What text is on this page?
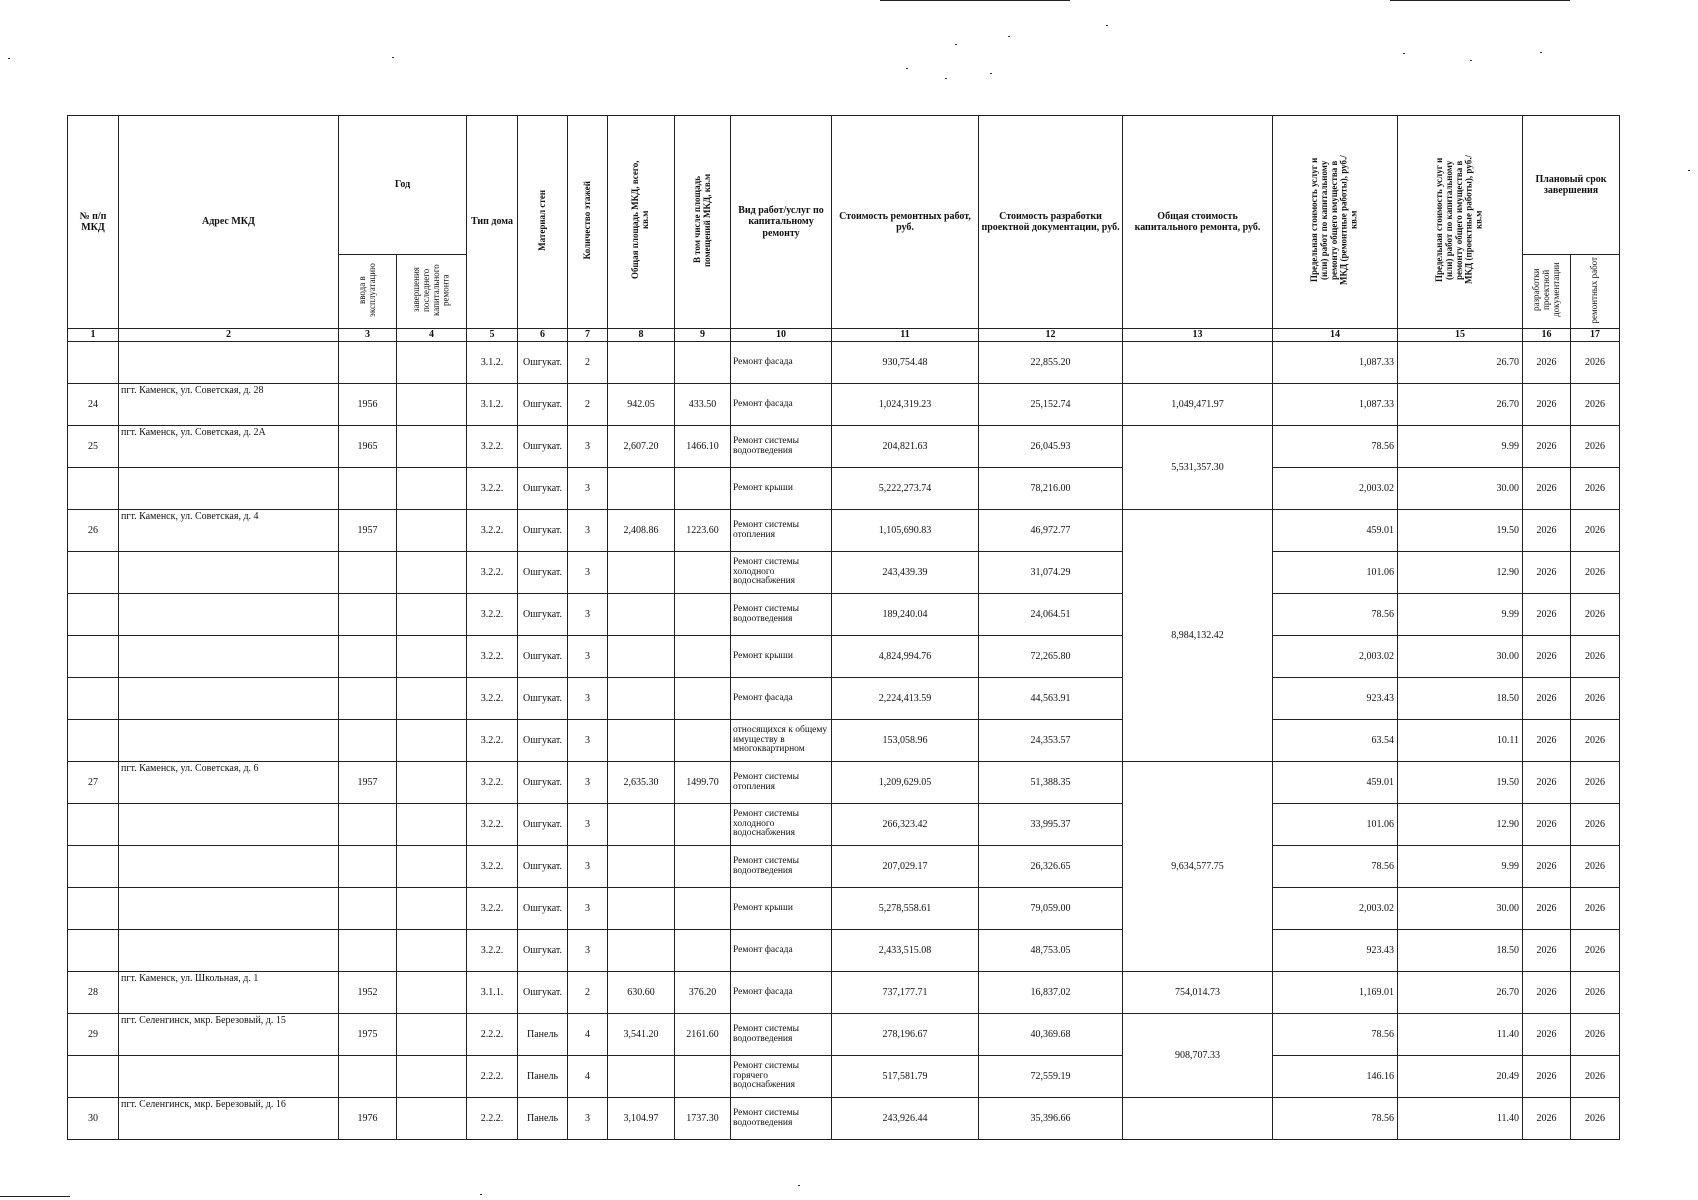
№ п/п МКД	Адрес МКД	Год		Тип дома	Материал стен	Количество этажей	Общая площадь МКД, всего, кв.м	В том числе площадь помещений МКД, кв.м	Вид работ/услуг по капитальному ремонту	Стоимость ремонтных работ, руб.	Стоимость разработки проектной документации, руб.	Общая стоимость капитального ремонта, руб.	Предельная стоимость услуг и (или) работ по капитальному ремонту общего имущества в МКД (ремонтные работы), руб./кв.м	Предельная стоимость услуг и (или) работ по капитальному ремонту общего имущества в МКД (проектные работы), руб./кв.м	Плановый срок завершения	
		ввода в эксплуатацию	завершения последнего капитального ремонта												разработки проектной документации	ремонтных работ
1	2	3	4	5	6	7	8	9	10	11	12	13	14	15	16	17
				3.1.2.	Ошгукат.	2			Ремонт фасада	930,754.48	22,855.20		1,087.33	26.70	2026	2026
24	пгт. Каменск, ул. Советская, д. 28	1956		3.1.2.	Ошгукат.	2	942.05	433.50	Ремонт фасада	1,024,319.23	25,152.74	1,049,471.97	1,087.33	26.70	2026	2026
25	пгт. Каменск, ул. Советская, д. 2А	1965		3.2.2.	Ошгукат.	3	2,607.20	1466.10	Ремонт системы водоотведения	204,821.63	26,045.93	5,531,357.30	78.56	9.99	2026	2026
				3.2.2.	Ошгукат.	3			Ремонт крыши	5,222,273.74	78,216.00		2,003.02	30.00	2026	2026
26	пгт. Каменск, ул. Советская, д. 4	1957		3.2.2.	Ошгукат.	3	2,408.86	1223.60	Ремонт системы отопления	1,105,690.83	46,972.77	8,984,132.42	459.01	19.50	2026	2026
				3.2.2.	Ошгукат.	3			Ремонт системы холодного водоснабжения	243,439.39	31,074.29		101.06	12.90	2026	2026
				3.2.2.	Ошгукат.	3			Ремонт системы водоотведения	189,240.04	24,064.51		78.56	9.99	2026	2026
				3.2.2.	Ошгукат.	3			Ремонт крыши	4,824,994.76	72,265.80		2,003.02	30.00	2026	2026
				3.2.2.	Ошгукат.	3			Ремонт фасада	2,224,413.59	44,563.91		923.43	18.50	2026	2026
				3.2.2.	Ошгукат.	3			относящихся к общему имуществу в многоквартирном	153,058.96	24,353.57		63.54	10.11	2026	2026
27	пгт. Каменск, ул. Советская, д. 6	1957		3.2.2.	Ошгукат.	3	2,635.30	1499.70	Ремонт системы отопления	1,209,629.05	51,388.35	9,634,577.75	459.01	19.50	2026	2026
				3.2.2.	Ошгукат.	3			Ремонт системы холодного водоснабжения	266,323.42	33,995.37		101.06	12.90	2026	2026
				3.2.2.	Ошгукат.	3			Ремонт системы водоотведения	207,029.17	26,326.65		78.56	9.99	2026	2026
				3.2.2.	Ошгукат.	3			Ремонт крыши	5,278,558.61	79,059.00		2,003.02	30.00	2026	2026
				3.2.2.	Ошгукат.	3			Ремонт фасада	2,433,515.08	48,753.05		923.43	18.50	2026	2026
28	пгт. Каменск, ул. Школьная, д. 1	1952		3.1.1.	Ошгукат.	2	630.60	376.20	Ремонт фасада	737,177.71	16,837.02	754,014.73	1,169.01	26.70	2026	2026
29	пгт. Селенгинск, мкр. Березовый, д. 15	1975		2.2.2.	Панель	4	3,541.20	2161.60	Ремонт системы водоотведения	278,196.67	40,369.68	908,707.33	78.56	11.40	2026	2026
				2.2.2.	Панель	4			Ремонт системы горячего водоснабжения	517,581.79	72,559.19		146.16	20.49	2026	2026
30	пгт. Селенгинск, мкр. Березовый, д. 16	1976		2.2.2.	Панель	3	3,104.97	1737.30	Ремонт системы водоотведения	243,926.44	35,396.66		78.56	11.40	2026	2026
